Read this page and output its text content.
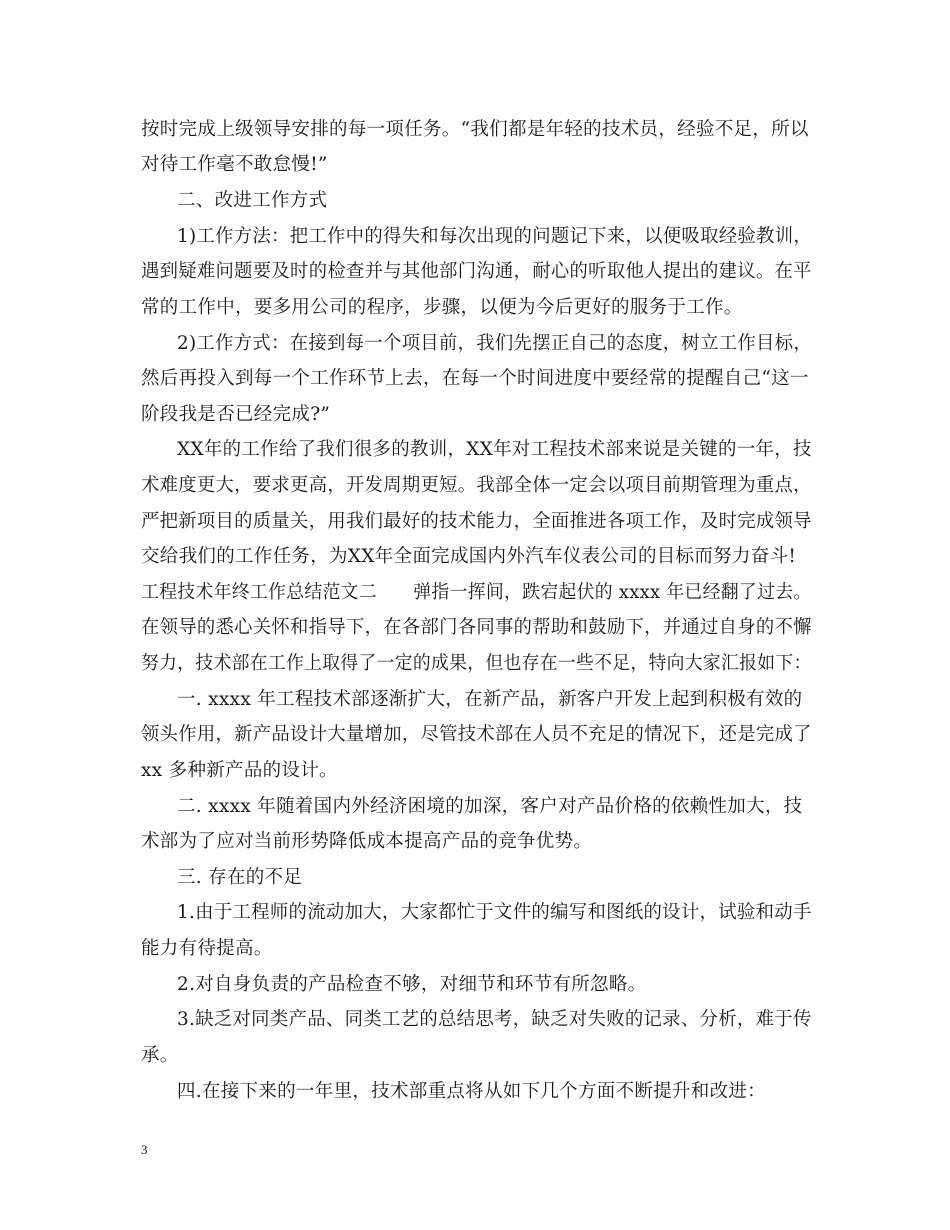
按时完成上级领导安排的每一项任务。“我们都是年轻的技术员，经验不足，所以
对待工作毫不敢怠慢!”
二、改进工作方式
1)工作方法：把工作中的得失和每次出现的问题记下来，以便吸取经验教训，
遇到疑难问题要及时的检查并与其他部门沟通，耐心的听取他人提出的建议。在平
常的工作中，要多用公司的程序，步骤，以便为今后更好的服务于工作。
2)工作方式：在接到每一个项目前，我们先摆正自己的态度，树立工作目标，
然后再投入到每一个工作环节上去，在每一个时间进度中要经常的提醒自己“这一
阶段我是否已经完成?”
XX年的工作给了我们很多的教训，XX年对工程技术部来说是关键的一年，技
术难度更大，要求更高，开发周期更短。我部全体一定会以项目前期管理为重点，
严把新项目的质量关，用我们最好的技术能力，全面推进各项工作，及时完成领导
交给我们的工作任务，为XX年全面完成国内外汽车仪表公司的目标而努力奋斗!
工程技术年终工作总结范文二　　弹指一挥间，跌宕起伏的 xxxx 年已经翻了过去。
在领导的悉心关怀和指导下，在各部门各同事的帮助和鼓励下，并通过自身的不懈
努力，技术部在工作上取得了一定的成果，但也存在一些不足，特向大家汇报如下：
一. xxxx 年工程技术部逐渐扩大，在新产品，新客户开发上起到积极有效的
领头作用，新产品设计大量增加，尽管技术部在人员不充足的情况下，还是完成了
xx 多种新产品的设计。
二. xxxx 年随着国内外经济困境的加深，客户对产品价格的依赖性加大，技
术部为了应对当前形势降低成本提高产品的竞争优势。
三. 存在的不足
1.由于工程师的流动加大，大家都忙于文件的编写和图纸的设计，试验和动手
能力有待提高。
2.对自身负责的产品检查不够，对细节和环节有所忽略。
3.缺乏对同类产品、同类工艺的总结思考，缺乏对失败的记录、分析，难于传
承。
四.在接下来的一年里，技术部重点将从如下几个方面不断提升和改进：
3
